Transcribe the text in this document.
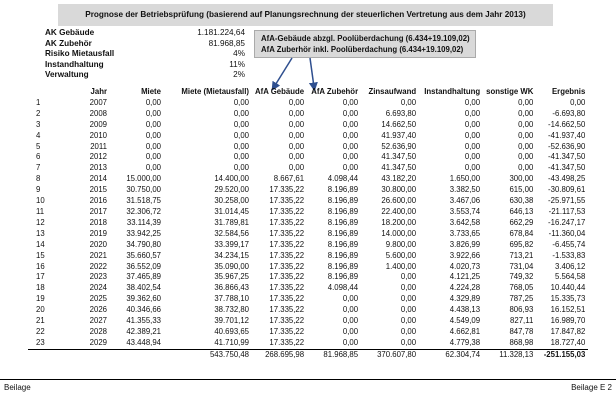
Prognose der Betriebsprüfung (basierend auf Planungsrechnung der steuerlichen Vertretung aus dem Jahr 2013)
AK Gebäude	1.181.224,64
AK Zubehör	81.968,85
Risiko Mietausfall	4%
Instandhaltung	11%
Verwaltung	2%
AfA-Gebäude abzgl. Poolüberdachung (6.434+19.109,02)
AfA Zuberhör inkl. Poolüberdachung (6.434+19.109,02)
	Jahr	Miete	Miete (Mietausfall)	AfA Gebäude	AfA Zubehör	Zinsaufwand	Instandhaltung	sonstige WK	Ergebnis
1	2007	0,00	0,00	0,00	0,00	0,00	0,00	0,00	0,00
2	2008	0,00	0,00	0,00	0,00	6.693,80	0,00	0,00	-6.693,80
3	2009	0,00	0,00	0,00	0,00	14.662,50	0,00	0,00	-14.662,50
4	2010	0,00	0,00	0,00	0,00	41.937,40	0,00	0,00	-41.937,40
5	2011	0,00	0,00	0,00	0,00	52.636,90	0,00	0,00	-52.636,90
6	2012	0,00	0,00	0,00	0,00	41.347,50	0,00	0,00	-41.347,50
7	2013	0,00	0,00	0,00	0,00	41.347,50	0,00	0,00	-41.347,50
8	2014	15.000,00	14.400,00	8.667,61	4.098,44	43.182,20	1.650,00	300,00	-43.498,25
9	2015	30.750,00	29.520,00	17.335,22	8.196,89	30.800,00	3.382,50	615,00	-30.809,61
10	2016	31.518,75	30.258,00	17.335,22	8.196,89	26.600,00	3.467,06	630,38	-25.971,55
11	2017	32.306,72	31.014,45	17.335,22	8.196,89	22.400,00	3.553,74	646,13	-21.117,53
12	2018	33.114,39	31.789,81	17.335,22	8.196,89	18.200,00	3.642,58	662,29	-16.247,17
13	2019	33.942,25	32.584,56	17.335,22	8.196,89	14.000,00	3.733,65	678,84	-11.360,04
14	2020	34.790,80	33.399,17	17.335,22	8.196,89	9.800,00	3.826,99	695,82	-6.455,74
15	2021	35.660,57	34.234,15	17.335,22	8.196,89	5.600,00	3.922,66	713,21	-1.533,83
16	2022	36.552,09	35.090,00	17.335,22	8.196,89	1.400,00	4.020,73	731,04	3.406,12
17	2023	37.465,89	35.967,25	17.335,22	8.196,89	0,00	4.121,25	749,32	5.564,58
18	2024	38.402,54	36.866,43	17.335,22	4.098,44	0,00	4.224,28	768,05	10.440,44
19	2025	39.362,60	37.788,10	17.335,22	0,00	0,00	4.329,89	787,25	15.335,73
20	2026	40.346,66	38.732,80	17.335,22	0,00	0,00	4.438,13	806,93	16.152,51
21	2027	41.355,33	39.701,12	17.335,22	0,00	0,00	4.549,09	827,11	16.989,70
22	2028	42.389,21	40.693,65	17.335,22	0,00	0,00	4.662,81	847,78	17.847,82
23	2029	43.448,94	41.710,99	17.335,22	0,00	0,00	4.779,38	868,98	18.727,40
			543.750,48	268.695,98	81.968,85	370.607,80	62.304,74	11.328,13	-251.155,03
Beilage	Beilage E 2
